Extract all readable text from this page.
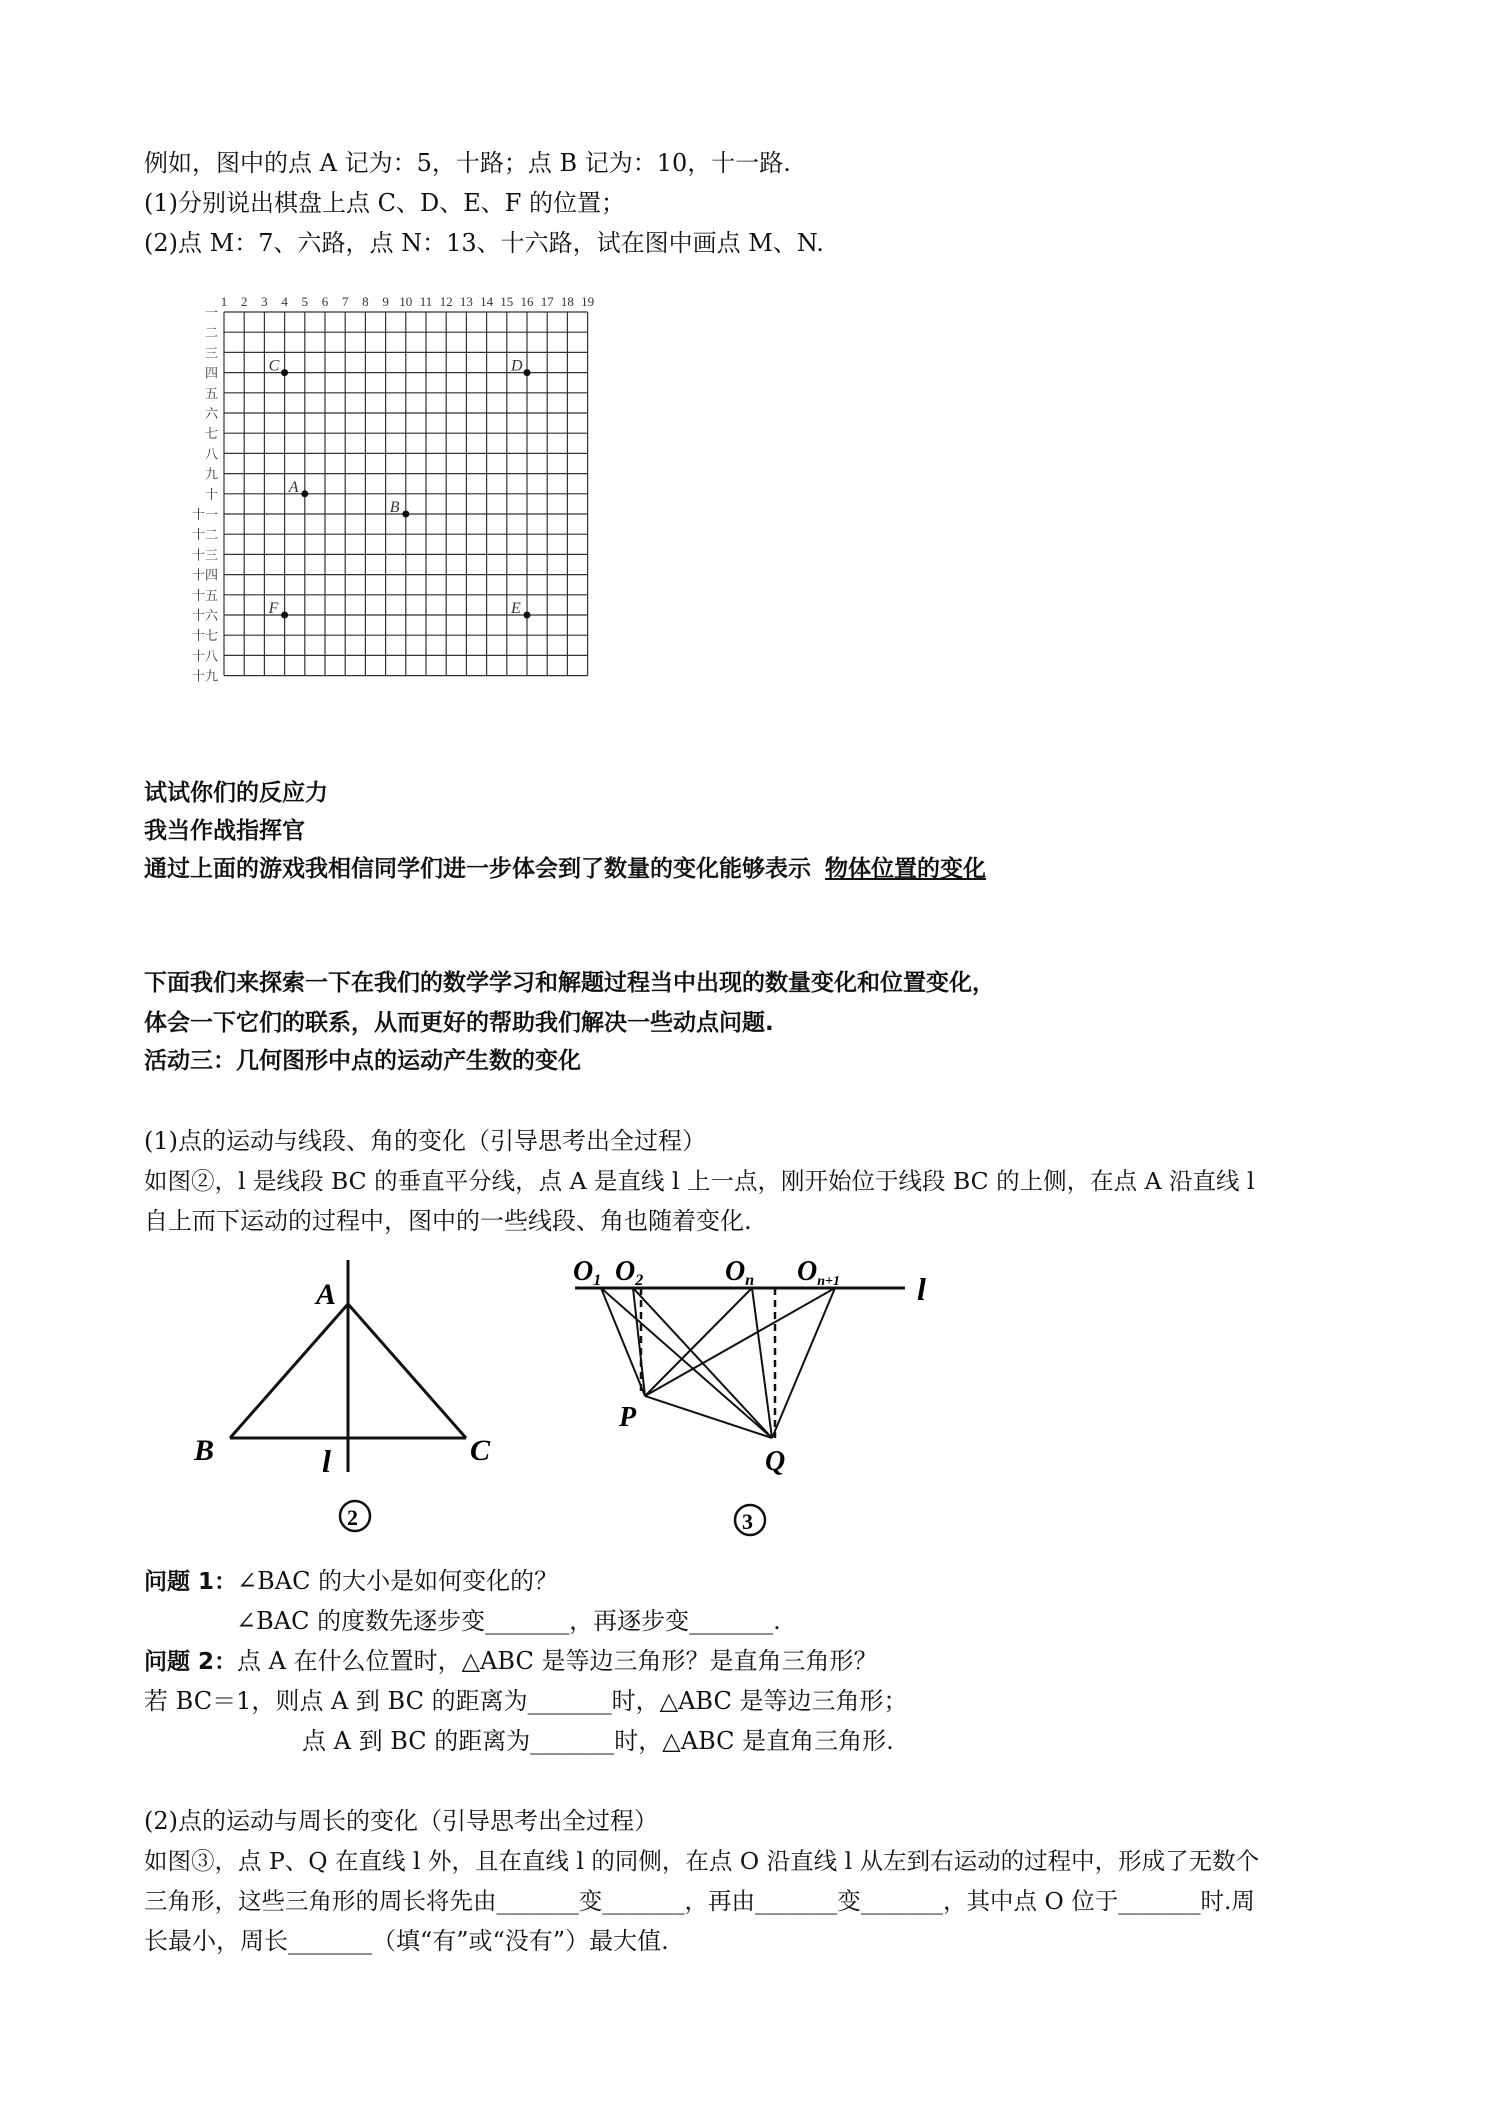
例如，图中的点 A 记为：5，十路；点 B 记为：10，十一路.
(1)分别说出棋盘上点 C、D、E、F 的位置；
(2)点 M：7、六路，点 N：13、十六路，试在图中画点 M、N.
1 2 3 4 5 6 7 8 9 10 11 12 13 14 15 16 17 18 19
一
二
三
四
五
六
七
八
九
十
十一
十二
十三
十四
十五
十六
十七
十八
十九
C	D
A
B
F	E
试试你们的反应力
我当作战指挥官
通过上面的游戏我相信同学们进一步体会到了数量的变化能够表示 物体位置的变化
下面我们来探索一下在我们的数学学习和解题过程当中出现的数量变化和位置变化，
体会一下它们的联系，从而更好的帮助我们解决一些动点问题.
活动三：几何图形中点的运动产生数的变化
(1)点的运动与线段、角的变化（引导思考出全过程）
如图②，l 是线段 BC 的垂直平分线，点 A 是直线 l 上一点，刚开始位于线段 BC 的上侧，在点 A 沿直线 l
自上而下运动的过程中，图中的一些线段、角也随着变化.
A
B	C
l
2
O1 O2	On On+1 l
P
Q
3
问题 1：∠BAC 的大小是如何变化的？
∠BAC 的度数先逐步变_______，再逐步变_______.
问题 2：点 A 在什么位置时，△ABC 是等边三角形？是直角三角形？
若 BC＝1，则点 A 到 BC 的距离为_______时，△ABC 是等边三角形；
点 A 到 BC 的距离为_______时，△ABC 是直角三角形.
(2)点的运动与周长的变化（引导思考出全过程）
如图③，点 P、Q 在直线 l 外，且在直线 l 的同侧，在点 O 沿直线 l 从左到右运动的过程中，形成了无数个
三角形，这些三角形的周长将先由_______变_______，再由_______变_______，其中点 O 位于_______时.周
长最小，周长_______（填“有”或“没有”）最大值.
